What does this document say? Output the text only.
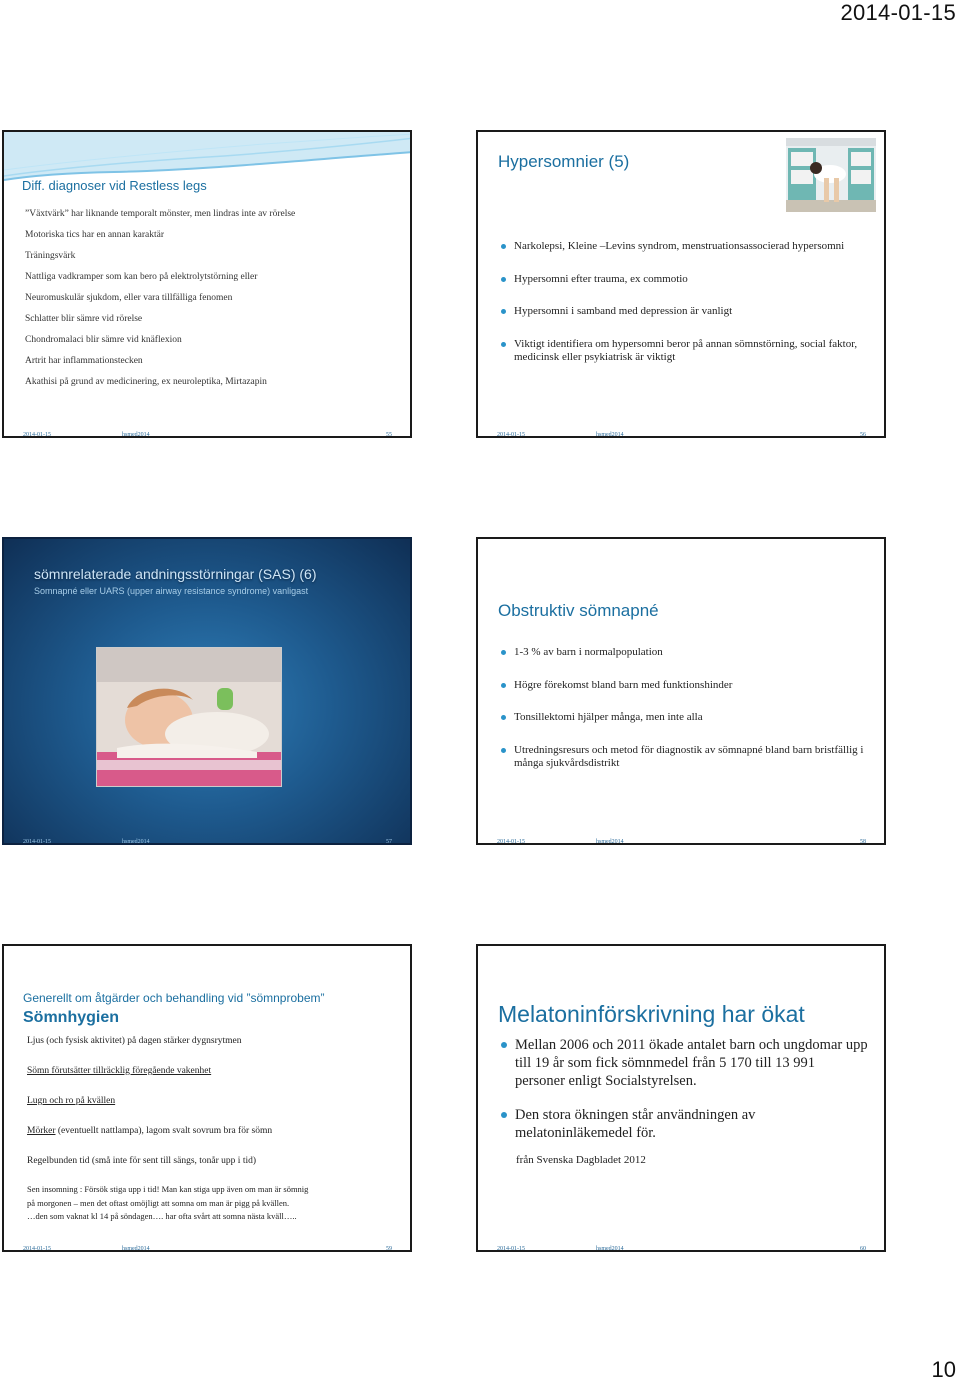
2014-01-15
Diff. diagnoser vid Restless legs
”Växtvärk” har liknande temporalt mönster, men lindras inte av rörelse
Motoriska tics har en annan karaktär
Träningsvärk
Nattliga vadkramper som kan bero på elektrolytstörning eller
Neuromuskulär sjukdom, eller vara tillfälliga fenomen
Schlatter blir sämre vid rörelse
Chondromalaci blir sämre vid knäflexion
Artrit har inflammationstecken
Akathisi på grund av medicinering, ex neuroleptika, Mirtazapin
2014-01-15	hsmed2014	55
Hypersomnier (5)
Narkolepsi, Kleine –Levins syndrom, menstruationsassocierad hypersomni
Hypersomni efter trauma, ex commotio
Hypersomni i samband med depression är vanligt
Viktigt identifiera om hypersomni beror på annan sömnstörning, social faktor, medicinsk eller psykiatrisk är viktigt
2014-01-15	hsmed2014	56
sömnrelaterade andningsstörningar (SAS) (6)
Somnapné eller UARS (upper airway resistance syndrome) vanligast
2014-01-15	hsmed2014	57
Obstruktiv sömnapné
1-3 % av barn i normalpopulation
Högre förekomst bland barn med funktionshinder
Tonsillektomi hjälper många, men inte alla
Utredningsresurs och metod för diagnostik av sömnapné bland barn bristfällig i många sjukvårdsdistrikt
2014-01-15	hsmed2014	58
Generellt om åtgärder och behandling vid ”sömnprobem”
Sömnhygien
Ljus (och fysisk aktivitet) på dagen stärker dygnsrytmen
Sömn förutsätter tillräcklig föregående vakenhet
Lugn och ro på kvällen
Mörker (eventuellt nattlampa), lagom svalt sovrum bra för sömn
Regelbunden tid (små inte för sent till sängs, tonår upp i tid)
Sen insomning : Försök stiga upp i tid! Man kan stiga upp även om man är sömnig
på morgonen – men det oftast omöjligt att somna om man är pigg på kvällen.
…den som vaknat kl 14 på söndagen…. har ofta svårt att somna nästa kväll…..
2014-01-15	hsmed2014	59
Melatoninförskrivning har ökat
Mellan 2006 och 2011 ökade antalet barn och ungdomar upp till 19 år som fick sömnmedel från 5 170 till 13 991 personer enligt Socialstyrelsen.
Den stora ökningen står användningen av melatoninläkemedel för.
från Svenska Dagbladet 2012
2014-01-15	hsmed2014	60
10
